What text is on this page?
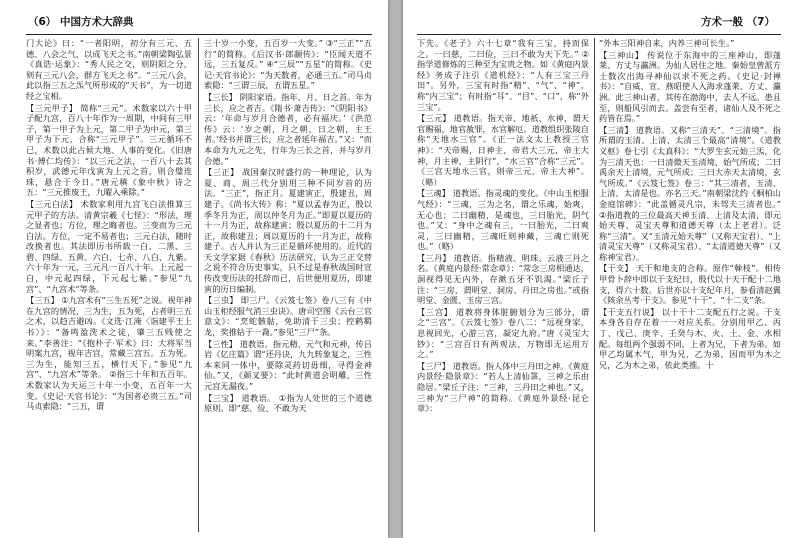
（6） 中国方术大辞典

门大论》曰：“一者阳明，初分有三元、五德、八会之气，以成飞天之书。”南朝梁陶弘景《真诰·运象》：“秀人民之交，则阴阳之分，则有三元八会，群方飞天之书”。“三元八会，此以指三五之炁气所形成的“天书”，为一切道经之宝相。

【三元甲子】 简称“三元”。术数家以六十甲子配九宫，百八十年作为一周期，中间有三甲子，第一甲子为上元，第二甲子为中元，第三甲子为下元，合称“三元甲子”。三元循环不已，术数以此占候大地、人事的变化。《旧唐书·傅仁均传》：“以三元之法，一百八十去其积岁，武德元年戊寅为上元之首，则合璧连珠，悬合于今日。”唐元稹《象中秋》诗之五：“三元推废王，九曜入乘除。”

【三元白法】 术数家利用九宫飞白法推算三元甲子的方法。清黄宗羲《七怪》：“形法，理之显者也；方位，理之晦者也。三变而为三元白法。方位，一定不易者也；三元白法，随时改换者也。其法即历书所载一白、二黑、三碧、四绿、五黄、六白、七赤、八白、九紫。六十年为一元，三元凡一百八十年。上元起一白，中元起四绿，下元起七紫。”参见“九宫”、“九宫术”等条。

【三五】 ①九宫术有“三生五死”之说。视年神在九宫的情况，三为生，五为死，占者明三五之术，以趋吉避凶。《文选·江淹〈诣建平王上书〉》：“备鸣盈洗术之徒，肇三五贱使之来。”李善注：“《抱朴子·军术》曰：大将军当明案九宫，视年吉宫，常藏三宫五。五为死。三为生，能知三五，横行天下。”参见“九宫”、“九宫术”等条。 ②指三十年和五百年。术数家认为天运三十年一小变，五百年一大变。《史记·天官书论》：“为国者必贵三五。”司马贞索隐：“三五，谓

三十岁一小变，五百岁一大变。” ③“三正”“五行”的简称。《后汉书·郎颛传》：“臣闻天道不远，三五复反。” ④“三辰”“五星”的简称。《史记·天官书论》：“为天数者，必通三五。”司马贞索隐：“三谓三辰，五谓五星。”

【三长】 阴阳家语。指年、月、日之首。年为三长，应之者吉。《隋书·萧吉传》：“《阴阳书》云：‘年命与岁月合德者，必有福庆。’《洪范传》云：‘岁之朝，月之朝，日之朝，主王者。’经书并谓三长，应之者延年福吉。”又：“而本命为九元之先，行年为三长之首，并与岁月合德。”

【三正】 战国秦汉时盛行的一种理论，认为夏、商、周三代分别用三种不同岁首的历法。“三正”，指正月。夏建寅正，殷建丑，周建子。《尚书大传》称：“夏以孟春为正，殷以季冬月为正，周以仲冬月为正。”即夏以夏历的十一月为正，故称建寅；殷以夏历的十二月为正，故称建丑；周以夏历的十一月为正，故称建子。古人并认为三正是循环使用的。近代的天文学家据《春秋》历法研究，认为三正交替之说不符合历史事实，只不过是春秋战国时宣传改变历法的托辞而已，后世便用夏历，即建寅的历日编制。

【三虫】 即三尸。《云笈七签》卷八三有《中山玉柜经服气消三虫诀》。唐司空图《云台三官意文》：“烹蛇骸骷，免助清于三虫；控鹤羁龙，奖推钻于一毳。”参见“三尸”条。

【三性】 道教语。指元精、元气和元神，传吕岩《亿庄篇》谓“还丹诀，九九转象复之，三性本来同一体中，要除灵药切毋细，寻得金神仙。”又，《颜叉要》：“此时黄道会明雕，三性元宫无漏夜。”

【三宝】 道教语。 ①指为人处世的三个道德原则。即“慈、俭、不敢为天

方术一般 （7）

下先。《老子》六十七章“我有三宝，持而保之。一曰慈，二曰俭，三曰不敢为天下先。” ②指学道修炼的三种至为宝贵之物。如《黄庭内景经》务成子注引《道机经》：“人有三宝三丹田”。另外，三宝有时指“精”、“气”、“神”，称“内三宝”；有时指“耳”、“目”、“口”，称“外三宝”。

【三元】 道教语。指天帝、地祇、水神，谓天官赐福，地官赦罪，水官解厄。道教组织张陵自称“天地水三官”。《正一法文太上教授三官神》：“天帝赐，日神主，帝君大三元，帝主大神，月主神，主阴行”，“水三官”合称“三元”。《三宫天地水三官，则帝三元，帝主大神”。（略）

【三魂】 道教语。指灵魂的变化。《中山玉柜服气经》：“三魂，三为之名，谓之乐魂，始爽，无心也；二曰幽精，是魂也，三曰胎光，阴气也。”又：“身中之魂有三，一曰胎光，二曰爽灵，三曰幽精，三魂旺则神藏，三魂亡则死也。”（略）

【三丹】 道教语。指精液、明珠、云液三丹之名。《黄庭内景经·常念章》：“常念三房相通达，洞视得见无内外，存漱五牙不饥渴。”梁丘子注：“三房，谓明堂、洞房、丹田之房也。”或指明堂、金匮、玉房三宫。

【三宫】 道教将身体脏腑划分为三部分，谓之“三宫”。《云笈七签》卷八二：“远视身家，息视回光，心游三宫，凝定九府。”唐《灵宝大钞》：“三宫百日有两观法，万物即无运用万之。”

【三尸】 道教语。指人体中三丹田之神。《黄庭内景经·隐景章》：“若人上清仙箓，三神之乐由隐居。”梁丘子注：“三神，三丹田之神也。”又，三神为“三尸神”的简称。《黄庭外景经·昆仑章》：

“外本三阳神自来，内养三神可长生。”

【三神山】 传说位于东海中的三座神山，即蓬莱、方丈与瀛洲。为仙人居住之地。秦始皇曾派方士数次出海寻神仙以求不死之药。《史记·封禅书》：“自威、宣、燕昭使人入海求蓬莱、方丈、瀛洲。此三神山者，其传在渤海中，去人不远。患且至，则船风引而去。盖尝有至者，诸仙人及不死之药皆在焉。”

【三清】 道教语。又称“三清天”、“三清境”。指所谓的玉清、上清、太清三个最高“清境”。《道教义枢》卷七引《太真科》：“大罗生玄元始三炁，化为三清天也：一曰清微天玉清境，始气所成；二曰禹余天上清境，元气所成；三曰大赤天太清境，玄气所成。”《云笈七签》卷三：“其三清者，玉清、上清、太清是也。亦名三天。”南朝梁沈约《桐柏山金庭馆碑》：“此盖循灵凡宗，未驾夫三清者也。” ②指道教的三位最高天神玉清、上清及太清，即元始天尊、灵宝天尊和道德天尊（太上老君）。泛称“三清”。又“玉清元始天尊”（又称天宝君）、“上清灵宝天尊”（又称灵宝君）、“太清道德天尊”（又称神宝君）。

【干支】 天干和地支的合称。原作“榦枝”。相传甲骨卜辞中即以干支纪日，殷代以十天干配十二地支，得六十数。后世亦以十支纪年月，参看清赵翼《陔余丛考·干支》。参见“十干”、“十二支”条。

【干支五行说】 以十干十二支配五行之说。干支本身各自存在着一一对应关系。分别用甲乙、丙丁、戊己、庚辛、壬癸与木、火、土、金、水相配。每组两个强弱不同，上者为兄，下者为弟。如甲乙均属木气，甲为兄，乙为弟，因而甲为木之兄，乙为木之弟，依此类推。十
